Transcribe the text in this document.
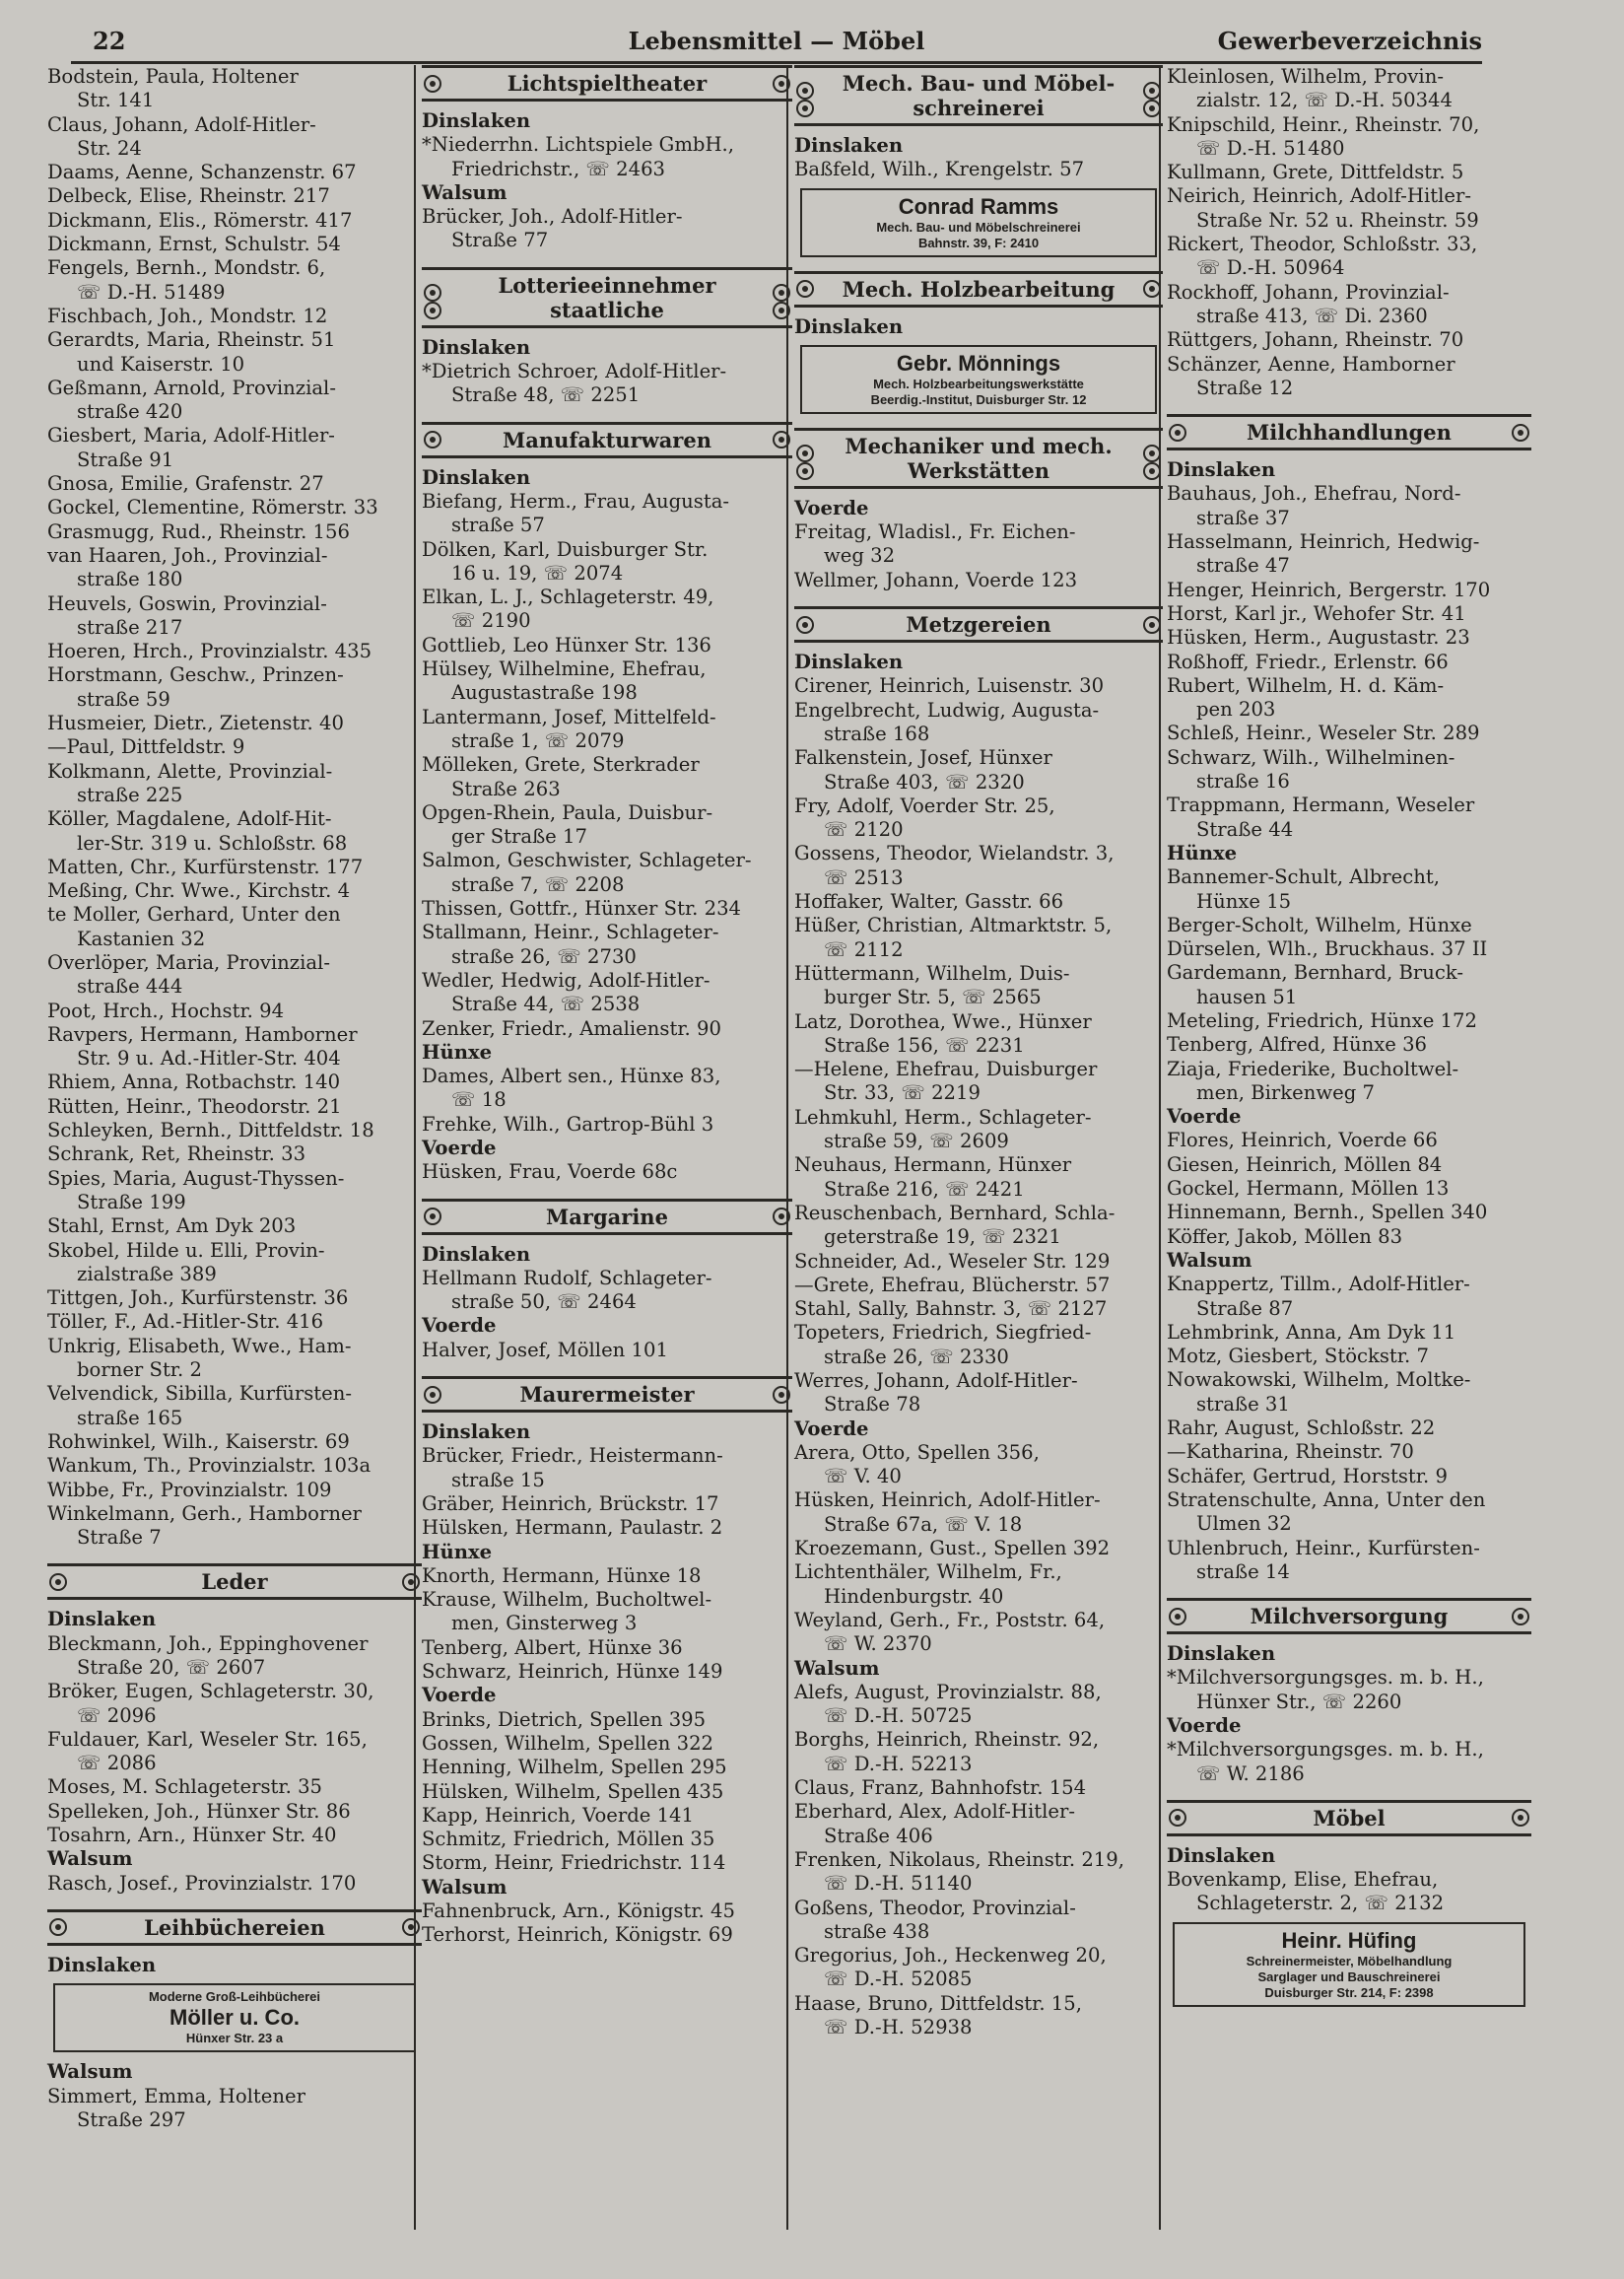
22	Lebensmittel — Möbel	Gewerbeverzeichnis
Bodstein, Paula, Holtener
Str. 141
Claus, Johann, Adolf-Hitler-
Str. 24
Daams, Aenne, Schanzenstr. 67
Delbeck, Elise, Rheinstr. 217
Dickmann, Elis., Römerstr. 417
Dickmann, Ernst, Schulstr. 54
Fengels, Bernh., Mondstr. 6,
☏ D.-H. 51489
Fischbach, Joh., Mondstr. 12
Gerardts, Maria, Rheinstr. 51
und Kaiserstr. 10
Geßmann, Arnold, Provinzial-
straße 420
Giesbert, Maria, Adolf-Hitler-
Straße 91
Gnosa, Emilie, Grafenstr. 27
Gockel, Clementine, Römerstr. 33
Grasmugg, Rud., Rheinstr. 156
van Haaren, Joh., Provinzial-
straße 180
Heuvels, Goswin, Provinzial-
straße 217
Hoeren, Hrch., Provinzialstr. 435
Horstmann, Geschw., Prinzen-
straße 59
Husmeier, Dietr., Zietenstr. 40
—Paul, Dittfeldstr. 9
Kolkmann, Alette, Provinzial-
straße 225
Köller, Magdalene, Adolf-Hit-
ler-Str. 319 u. Schloßstr. 68
Matten, Chr., Kurfürstenstr. 177
Meßing, Chr. Wwe., Kirchstr. 4
te Moller, Gerhard, Unter den
Kastanien 32
Overlöper, Maria, Provinzial-
straße 444
Poot, Hrch., Hochstr. 94
Ravpers, Hermann, Hamborner
Str. 9 u. Ad.-Hitler-Str. 404
Rhiem, Anna, Rotbachstr. 140
Rütten, Heinr., Theodorstr. 21
Schleyken, Bernh., Dittfeldstr. 18
Schrank, Ret, Rheinstr. 33
Spies, Maria, August-Thyssen-
Straße 199
Stahl, Ernst, Am Dyk 203
Skobel, Hilde u. Elli, Provin-
zialstraße 389
Tittgen, Joh., Kurfürstenstr. 36
Töller, F., Ad.-Hitler-Str. 416
Unkrig, Elisabeth, Wwe., Ham-
borner Str. 2
Velvendick, Sibilla, Kurfürsten-
straße 165
Rohwinkel, Wilh., Kaiserstr. 69
Wankum, Th., Provinzialstr. 103a
Wibbe, Fr., Provinzialstr. 109
Winkelmann, Gerh., Hamborner
Straße 7
Leder
Dinslaken
Bleckmann, Joh., Eppinghovener
Straße 20, ☏ 2607
Bröker, Eugen, Schlageterstr. 30,
☏ 2096
Fuldauer, Karl, Weseler Str. 165,
☏ 2086
Moses, M. Schlageterstr. 35
Spelleken, Joh., Hünxer Str. 86
Tosahrn, Arn., Hünxer Str. 40
Walsum
Rasch, Josef., Provinzialstr. 170
Leihbüchereien
Dinslaken
Moderne Groß-Leihbücherei
Möller u. Co.
Hünxer Str. 23 a
Walsum
Simmert, Emma, Holtener
Straße 297
Lichtspieltheater
Dinslaken
*Niederrhn. Lichtspiele GmbH.,
Friedrichstr., ☏ 2463
Walsum
Brücker, Joh., Adolf-Hitler-
Straße 77
Lotterieeinnehmer staatliche
Dinslaken
*Dietrich Schroer, Adolf-Hitler-
Straße 48, ☏ 2251
Manufakturwaren
Dinslaken
Biefang, Herm., Frau, Augusta-
straße 57
Dölken, Karl, Duisburger Str.
16 u. 19, ☏ 2074
Elkan, L. J., Schlageterstr. 49,
☏ 2190
Gottlieb, Leo Hünxer Str. 136
Hülsey, Wilhelmine, Ehefrau,
Augustastraße 198
Lantermann, Josef, Mittelfeld-
straße 1, ☏ 2079
Mölleken, Grete, Sterkrader
Straße 263
Opgen-Rhein, Paula, Duisbur-
ger Straße 17
Salmon, Geschwister, Schlageter-
straße 7, ☏ 2208
Thissen, Gottfr., Hünxer Str. 234
Stallmann, Heinr., Schlageter-
straße 26, ☏ 2730
Wedler, Hedwig, Adolf-Hitler-
Straße 44, ☏ 2538
Zenker, Friedr., Amalienstr. 90
Hünxe
Dames, Albert sen., Hünxe 83,
☏ 18
Frehke, Wilh., Gartrop-Bühl 3
Voerde
Hüsken, Frau, Voerde 68c
Margarine
Dinslaken
Hellmann Rudolf, Schlageter-
straße 50, ☏ 2464
Voerde
Halver, Josef, Möllen 101
Maurermeister
Dinslaken
Brücker, Friedr., Heistermann-
straße 15
Gräber, Heinrich, Brückstr. 17
Hülsken, Hermann, Paulastr. 2
Hünxe
Knorth, Hermann, Hünxe 18
Krause, Wilhelm, Bucholtwel-
men, Ginsterweg 3
Tenberg, Albert, Hünxe 36
Schwarz, Heinrich, Hünxe 149
Voerde
Brinks, Dietrich, Spellen 395
Gossen, Wilhelm, Spellen 322
Henning, Wilhelm, Spellen 295
Hülsken, Wilhelm, Spellen 435
Kapp, Heinrich, Voerde 141
Schmitz, Friedrich, Möllen 35
Storm, Heinr, Friedrichstr. 114
Walsum
Fahnenbruck, Arn., Königstr. 45
Terhorst, Heinrich, Königstr. 69
Mech. Bau- und Möbel-schreinerei
Dinslaken
Baßfeld, Wilh., Krengelstr. 57
Conrad Ramms
Mech. Bau- und Möbelschreinerei
Bahnstr. 39, F: 2410
Mech. Holzbearbeitung
Dinslaken
Gebr. Mönnings
Mech. Holzbearbeitungswerkstätte
Beerdig.-Institut, Duisburger Str. 12
Mechaniker und mech. Werkstätten
Voerde
Freitag, Wladisl., Fr. Eichen-
weg 32
Wellmer, Johann, Voerde 123
Metzgereien
Dinslaken
Cirener, Heinrich, Luisenstr. 30
Engelbrecht, Ludwig, Augusta-
straße 168
Falkenstein, Josef, Hünxer
Straße 403, ☏ 2320
Fry, Adolf, Voerder Str. 25,
☏ 2120
Gossens, Theodor, Wielandstr. 3,
☏ 2513
Hoffaker, Walter, Gasstr. 66
Hüßer, Christian, Altmarktstr. 5,
☏ 2112
Hüttermann, Wilhelm, Duis-
burger Str. 5, ☏ 2565
Latz, Dorothea, Wwe., Hünxer
Straße 156, ☏ 2231
—Helene, Ehefrau, Duisburger
Str. 33, ☏ 2219
Lehmkuhl, Herm., Schlageter-
straße 59, ☏ 2609
Neuhaus, Hermann, Hünxer
Straße 216, ☏ 2421
Reuschenbach, Bernhard, Schla-
geterstraße 19, ☏ 2321
Schneider, Ad., Weseler Str. 129
—Grete, Ehefrau, Blücherstr. 57
Stahl, Sally, Bahnstr. 3, ☏ 2127
Topeters, Friedrich, Siegfried-
straße 26, ☏ 2330
Werres, Johann, Adolf-Hitler-
Straße 78
Voerde
Arera, Otto, Spellen 356,
☏ V. 40
Hüsken, Heinrich, Adolf-Hitler-
Straße 67a, ☏ V. 18
Kroezemann, Gust., Spellen 392
Lichtenthäler, Wilhelm, Fr.,
Hindenburgstr. 40
Weyland, Gerh., Fr., Poststr. 64,
☏ W. 2370
Walsum
Alefs, August, Provinzialstr. 88,
☏ D.-H. 50725
Borghs, Heinrich, Rheinstr. 92,
☏ D.-H. 52213
Claus, Franz, Bahnhofstr. 154
Eberhard, Alex, Adolf-Hitler-
Straße 406
Frenken, Nikolaus, Rheinstr. 219,
☏ D.-H. 51140
Goßens, Theodor, Provinzial-
straße 438
Gregorius, Joh., Heckenweg 20,
☏ D.-H. 52085
Haase, Bruno, Dittfeldstr. 15,
☏ D.-H. 52938
Kleinlosen, Wilhelm, Provin-
zialstr. 12, ☏ D.-H. 50344
Knipschild, Heinr., Rheinstr. 70,
☏ D.-H. 51480
Kullmann, Grete, Dittfeldstr. 5
Neirich, Heinrich, Adolf-Hitler-
Straße Nr. 52 u. Rheinstr. 59
Rickert, Theodor, Schloßstr. 33,
☏ D.-H. 50964
Rockhoff, Johann, Provinzial-
straße 413, ☏ Di. 2360
Rüttgers, Johann, Rheinstr. 70
Schänzer, Aenne, Hamborner
Straße 12
Milchhandlungen
Dinslaken
Bauhaus, Joh., Ehefrau, Nord-
straße 37
Hasselmann, Heinrich, Hedwig-
straße 47
Henger, Heinrich, Bergerstr. 170
Horst, Karl jr., Wehofer Str. 41
Hüsken, Herm., Augustastr. 23
Roßhoff, Friedr., Erlenstr. 66
Rubert, Wilhelm, H. d. Käm-
pen 203
Schleß, Heinr., Weseler Str. 289
Schwarz, Wilh., Wilhelminen-
straße 16
Trappmann, Hermann, Weseler
Straße 44
Hünxe
Bannemer-Schult, Albrecht,
Hünxe 15
Berger-Scholt, Wilhelm, Hünxe
Dürselen, Wlh., Bruckhaus. 37 II
Gardemann, Bernhard, Bruck-
hausen 51
Meteling, Friedrich, Hünxe 172
Tenberg, Alfred, Hünxe 36
Ziaja, Friederike, Bucholtwel-
men, Birkenweg 7
Voerde
Flores, Heinrich, Voerde 66
Giesen, Heinrich, Möllen 84
Gockel, Hermann, Möllen 13
Hinnemann, Bernh., Spellen 340
Köffer, Jakob, Möllen 83
Walsum
Knappertz, Tillm., Adolf-Hitler-
Straße 87
Lehmbrink, Anna, Am Dyk 11
Motz, Giesbert, Stöckstr. 7
Nowakowski, Wilhelm, Moltke-
straße 31
Rahr, August, Schloßstr. 22
—Katharina, Rheinstr. 70
Schäfer, Gertrud, Horststr. 9
Stratenschulte, Anna, Unter den
Ulmen 32
Uhlenbruch, Heinr., Kurfürsten-
straße 14
Milchversorgung
Dinslaken
*Milchversorgungsges. m. b. H.,
Hünxer Str., ☏ 2260
Voerde
*Milchversorgungsges. m. b. H.,
☏ W. 2186
Möbel
Dinslaken
Bovenkamp, Elise, Ehefrau,
Schlageterstr. 2, ☏ 2132
Heinr. Hüfing
Schreinermeister, Möbelhandlung
Sarglager und Bauschreinerei
Duisburger Str. 214, F: 2398
